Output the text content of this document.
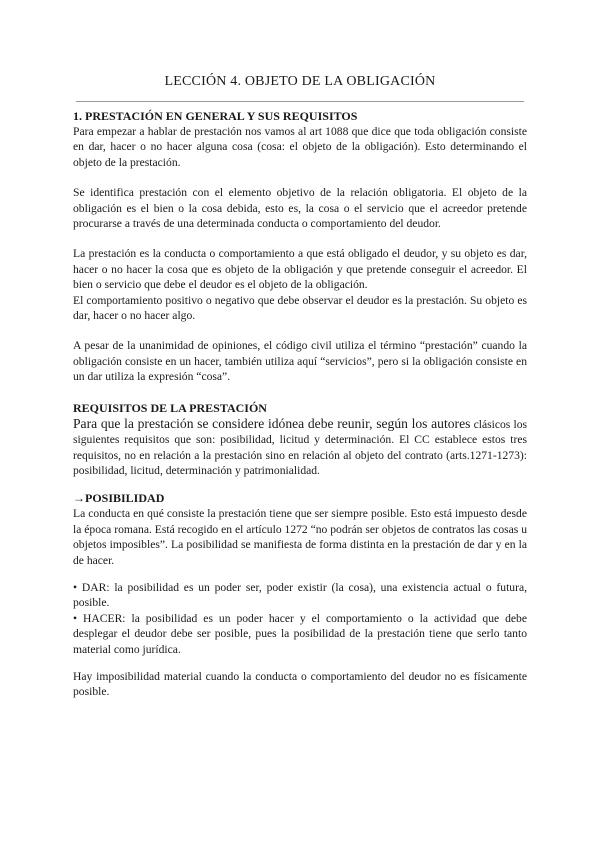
LECCIÓN 4. OBJETO DE LA OBLIGACIÓN
1. PRESTACIÓN EN GENERAL Y SUS REQUISITOS

Para empezar a hablar de prestación nos vamos al art 1088 que dice que toda obligación consiste en dar, hacer o no hacer alguna cosa (cosa: el objeto de la obligación). Esto determinando el objeto de la prestación.

Se identifica prestación con el elemento objetivo de la relación obligatoria. El objeto de la obligación es el bien o la cosa debida, esto es, la cosa o el servicio que el acreedor pretende procurarse a través de una determinada conducta o comportamiento del deudor.

La prestación es la conducta o comportamiento a que está obligado el deudor, y su objeto es dar, hacer o no hacer la cosa que es objeto de la obligación y que pretende conseguir el acreedor. El bien o servicio que debe el deudor es el objeto de la obligación.

El comportamiento positivo o negativo que debe observar el deudor es la prestación. Su objeto es dar, hacer o no hacer algo.

A pesar de la unanimidad de opiniones, el código civil utiliza el término “prestación” cuando la obligación consiste en un hacer, también utiliza aquí “servicios”, pero si la obligación consiste en un dar utiliza la expresión “cosa”.

REQUISITOS DE LA PRESTACIÓN

Para que la prestación se considere idónea debe reunir, según los autores clásicos los siguientes requisitos que son: posibilidad, licitud y determinación. El CC establece estos tres requisitos, no en relación a la prestación sino en relación al objeto del contrato (arts.1271-1273): posibilidad, licitud, determinación y patrimonialidad.

→POSIBILIDAD

La conducta en qué consiste la prestación tiene que ser siempre posible. Esto está impuesto desde la época romana. Está recogido en el artículo 1272 “no podrán ser objetos de contratos las cosas u objetos imposibles”. La posibilidad se manifiesta de forma distinta en la prestación de dar y en la de hacer.

• DAR: la posibilidad es un poder ser, poder existir (la cosa), una existencia actual o futura, posible.

• HACER: la posibilidad es un poder hacer y el comportamiento o la actividad que debe desplegar el deudor debe ser posible, pues la posibilidad de la prestación tiene que serlo tanto material como jurídica.

Hay imposibilidad material cuando la conducta o comportamiento del deudor no es físicamente posible.
